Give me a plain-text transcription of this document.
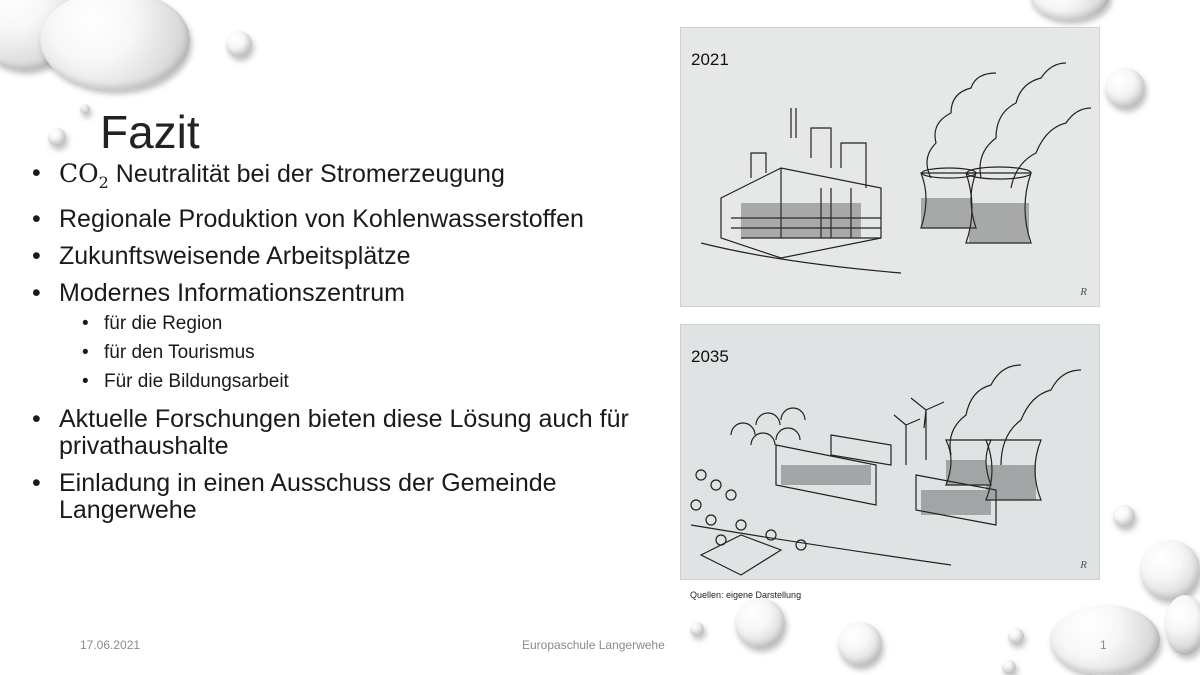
Fazit
• $CO_2$ Neutralität bei der Stromerzeugung
• Regionale Produktion von Kohlenwasserstoffen
• Zukunftsweisende Arbeitsplätze
• Modernes Informationszentrum
• für die Region
• für den Tourismus
• Für die Bildungsarbeit
• Aktuelle Forschungen bieten diese Lösung auch für privathaushalte
• Einladung in einen Ausschuss der Gemeinde Langerwehe
2021
R
2035
R
Quellen: eigene Darstellung
17.06.2021	Europaschule Langerwehe	1
